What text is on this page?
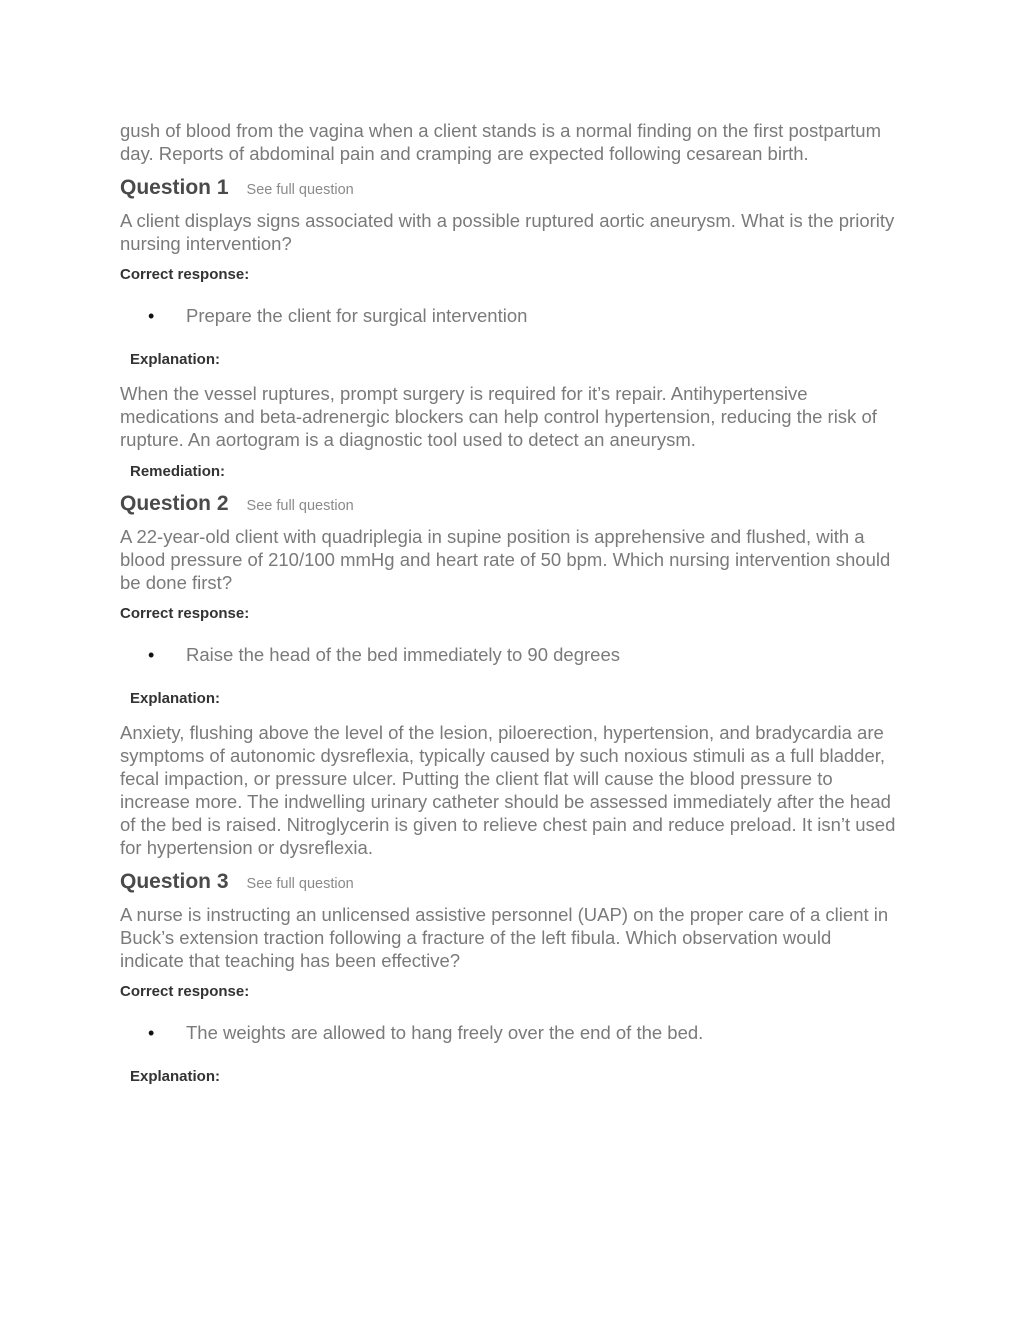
gush of blood from the vagina when a client stands is a normal finding on the first postpartum day. Reports of abdominal pain and cramping are expected following cesarean birth.

Question 1 See full question

A client displays signs associated with a possible ruptured aortic aneurysm. What is the priority nursing intervention?

Correct response:

•	Prepare the client for surgical intervention

Explanation:

When the vessel ruptures, prompt surgery is required for it’s repair. Antihypertensive medications and beta-adrenergic blockers can help control hypertension, reducing the risk of rupture. An aortogram is a diagnostic tool used to detect an aneurysm.

Remediation:

Question 2 See full question

A 22-year-old client with quadriplegia in supine position is apprehensive and flushed, with a blood pressure of 210/100 mmHg and heart rate of 50 bpm. Which nursing intervention should be done first?

Correct response:

•	Raise the head of the bed immediately to 90 degrees

Explanation:

Anxiety, flushing above the level of the lesion, piloerection, hypertension, and bradycardia are symptoms of autonomic dysreflexia, typically caused by such noxious stimuli as a full bladder, fecal impaction, or pressure ulcer. Putting the client flat will cause the blood pressure to increase more. The indwelling urinary catheter should be assessed immediately after the head of the bed is raised. Nitroglycerin is given to relieve chest pain and reduce preload. It isn’t used for hypertension or dysreflexia.

Question 3 See full question

A nurse is instructing an unlicensed assistive personnel (UAP) on the proper care of a client in Buck’s extension traction following a fracture of the left fibula. Which observation would indicate that teaching has been effective?

Correct response:

•	The weights are allowed to hang freely over the end of the bed.

Explanation:
